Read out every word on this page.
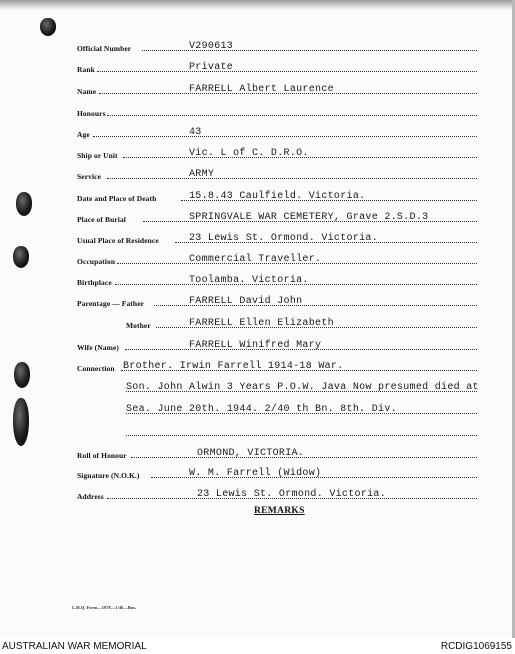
Official Number	V290613
Rank	Private
Name	FARRELL Albert Laurence
Honours
Age	43
Ship or Unit	Vic. L of C. D.R.O.
Service	ARMY
Date and Place of Death	15.8.43 Caulfield. Victoria.
Place of Burial	SPRINGVALE WAR CEMETERY, Grave 2.S.D.3
Usual Place of Residence	23 Lewis St. Ormond. Victoria.
Occupation	Commercial Traveller.
Birthplace	Toolamba. Victoria.
Parentage — Father	FARRELL David John
Mother	FARRELL Ellen Elizabeth
Wife (Name)	FARRELL Winifred Mary
Connection Brother. Irwin Farrell 1914-18 War.
Son. John Alwin 3 Years P.O.W. Java Now presumed died at
Sea. June 20th. 1944. 2/40 th Bn. 8th. Div.
Roll of Honour	ORMOND, VICTORIA.
Signature (N.O.K.)	W. M. Farrell (Widow)
Address	23 Lewis St. Ormond. Victoria.
REMARKS
L.H.Q. Form—1978—1/46—Bns.
AUSTRALIAN WAR MEMORIAL	RCDIG1069155
